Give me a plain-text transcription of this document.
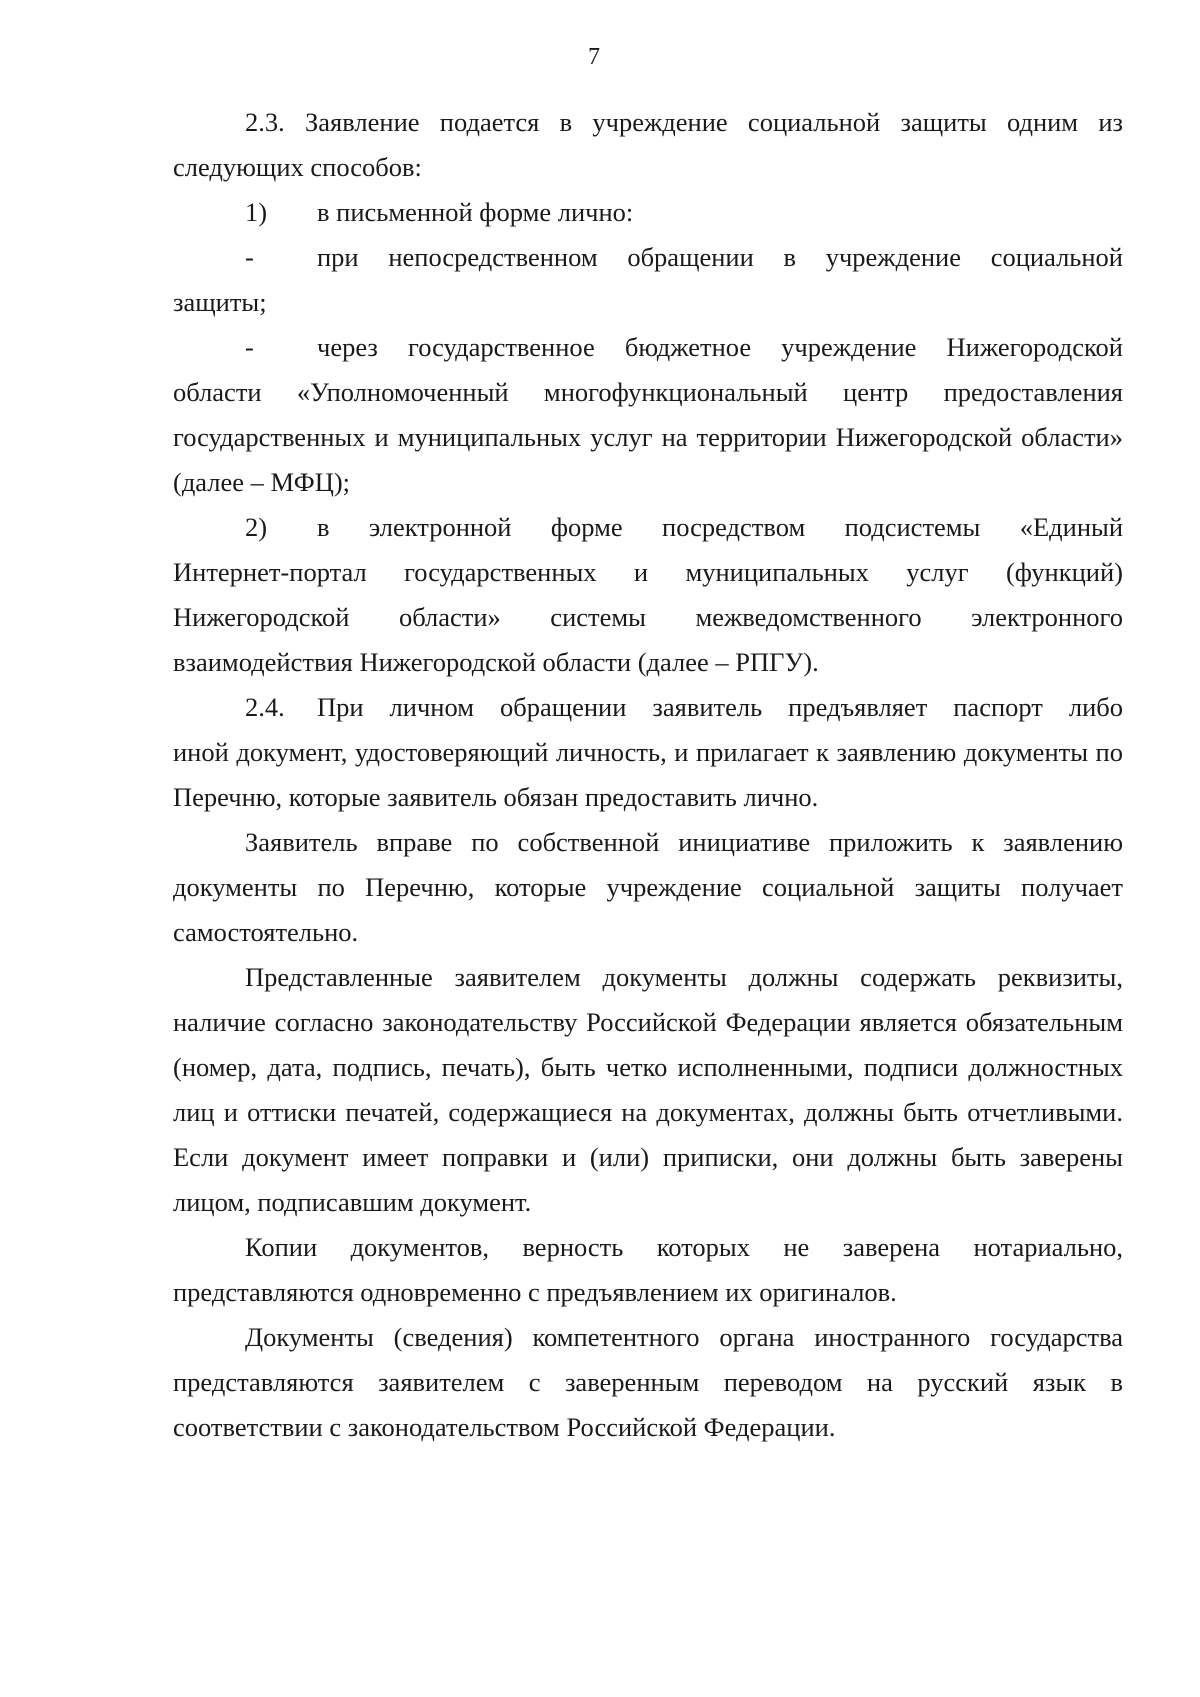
7

2.3. Заявление подается в учреждение социальной защиты одним из следующих способов:

1)	в письменной форме лично:
-	при непосредственном обращении в учреждение социальной

защиты;

-	через государственное бюджетное учреждение Нижегородской

области «Уполномоченный многофункциональный центр предоставления государственных и муниципальных услуг на территории Нижегородской области» (далее – МФЦ);

2)	в электронной форме посредством подсистемы «Единый

Интернет-портал государственных и муниципальных услуг (функций) Нижегородской области» системы межведомственного электронного взаимодействия Нижегородской области (далее – РПГУ).

2.4.	При личном обращении заявитель предъявляет паспорт либо

иной документ, удостоверяющий личность, и прилагает к заявлению документы по Перечню, которые заявитель обязан предоставить лично.

Заявитель вправе по собственной инициативе приложить к заявлению документы по Перечню, которые учреждение социальной защиты получает самостоятельно.

Представленные заявителем документы должны содержать реквизиты, наличие согласно законодательству Российской Федерации является обязательным (номер, дата, подпись, печать), быть четко исполненными, подписи должностных лиц и оттиски печатей, содержащиеся на документах, должны быть отчетливыми. Если документ имеет поправки и (или) приписки, они должны быть заверены лицом, подписавшим документ.

Копии документов, верность которых не заверена нотариально, представляются одновременно с предъявлением их оригиналов.

Документы (сведения) компетентного органа иностранного государства представляются заявителем с заверенным переводом на русский язык в соответствии с законодательством Российской Федерации.
